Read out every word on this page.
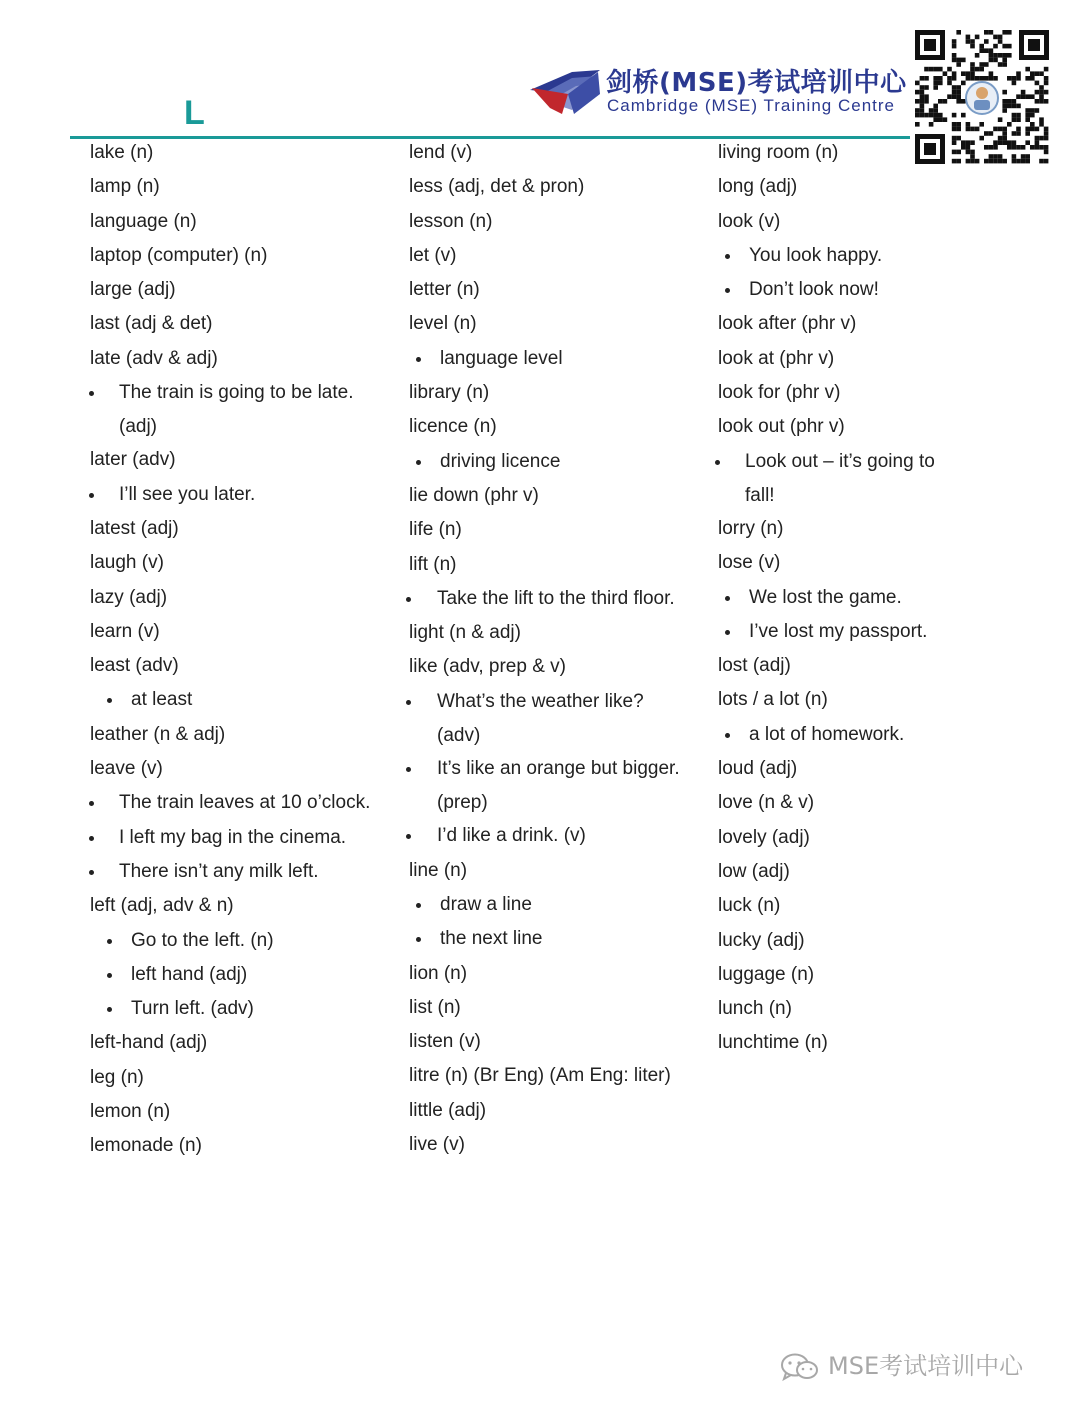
剑桥(MSE)考试培训中心
Cambridge (MSE) Training Centre
L
lake (n)
lamp (n)
language (n)
laptop (computer) (n)
large (adj)
last (adj & det)
late (adv & adj)
The train is going to be late.
(adj)
later (adv)
I’ll see you later.
latest (adj)
laugh (v)
lazy (adj)
learn (v)
least (adv)
at least
leather (n & adj)
leave (v)
The train leaves at 10 o’clock.
I left my bag in the cinema.
There isn’t any milk left.
left (adj, adv & n)
Go to the left. (n)
left hand (adj)
Turn left. (adv)
left-hand (adj)
leg (n)
lemon (n)
lemonade (n)
lend (v)
less (adj, det & pron)
lesson (n)
let (v)
letter (n)
level (n)
language level
library (n)
licence (n)
driving licence
lie down (phr v)
life (n)
lift (n)
Take the lift to the third floor.
light (n & adj)
like (adv, prep & v)
What’s the weather like?
(adv)
It’s like an orange but bigger.
(prep)
I’d like a drink. (v)
line (n)
draw a line
the next line
lion (n)
list (n)
listen (v)
litre (n) (Br Eng) (Am Eng: liter)
little (adj)
live (v)
living room (n)
long (adj)
look (v)
You look happy.
Don’t look now!
look after (phr v)
look at (phr v)
look for (phr v)
look out (phr v)
Look out – it’s going to
fall!
lorry (n)
lose (v)
We lost the game.
I’ve lost my passport.
lost (adj)
lots / a lot (n)
a lot of homework.
loud (adj)
love (n & v)
lovely (adj)
low (adj)
luck (n)
lucky (adj)
luggage (n)
lunch (n)
lunchtime (n)
MSE考试培训中心
